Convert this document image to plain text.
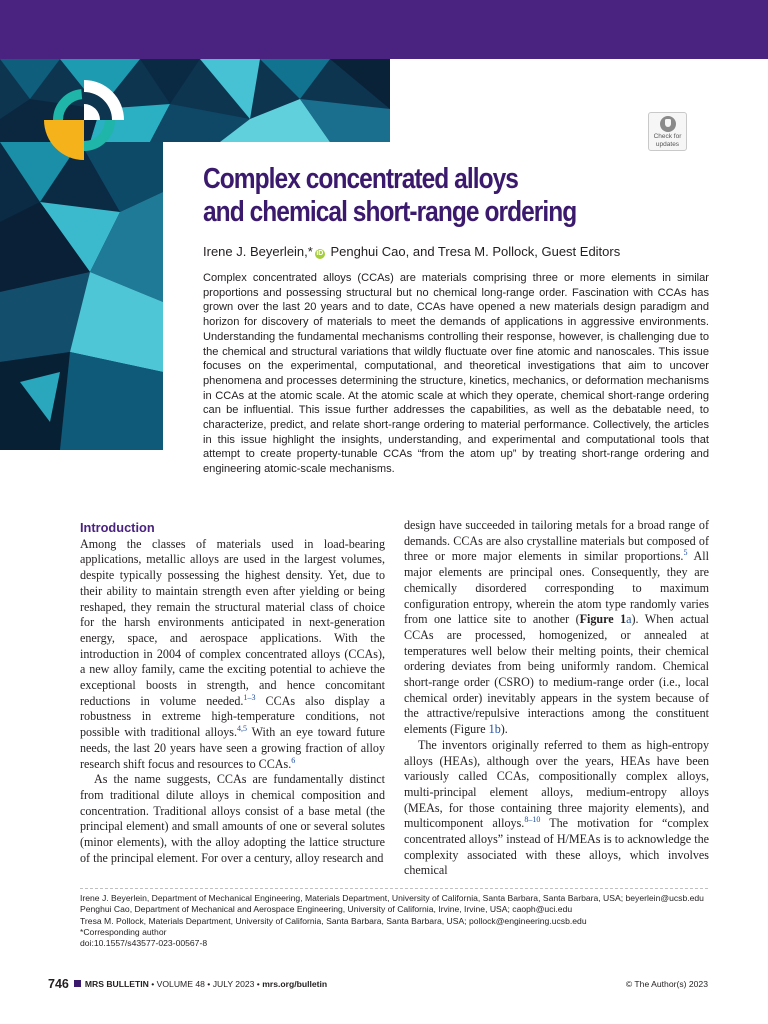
Check for
updates
Complex concentrated alloys
and chemical short-range ordering

Irene J. Beyerlein,* iD Penghui Cao, and Tresa M. Pollock, Guest Editors

Complex concentrated alloys (CCAs) are materials comprising three or more elements in similar proportions and possessing structural but no chemical long-range order. Fascination with CCAs has grown over the last 20 years and to date, CCAs have opened a new materials design paradigm and horizon for discovery of materials to meet the demands of applications in aggressive environments. Understanding the fundamental mechanisms controlling their response, however, is challenging due to the chemical and structural variations that wildly fluctuate over fine atomic and nanoscales. This issue focuses on the experimental, computational, and theoretical investigations that aim to uncover phenomena and processes determining the structure, kinetics, mechanics, or deformation mechanisms in CCAs at the atomic scale. At the atomic scale at which they operate, chemical short-range ordering can be influential. This issue further addresses the capabilities, as well as the debatable need, to characterize, predict, and relate short-range ordering to material performance. Collectively, the articles in this issue highlight the insights, understanding, and experimental and computational tools that attempt to create property-tunable CCAs “from the atom up” by treating short-range ordering and engineering atomic-scale mechanisms.

Introduction

Among the classes of materials used in load-bearing applications, metallic alloys are used in the largest volumes, despite typically possessing the highest density. Yet, due to their ability to maintain strength even after yielding or being reshaped, they remain the structural material class of choice for the harsh environments anticipated in next-generation energy, space, and aerospace applications. With the introduction in 2004 of complex concentrated alloys (CCAs), a new alloy family, came the exciting potential to achieve the exceptional boosts in strength, and hence concomitant reductions in volume needed.$^{1-3}$ CCAs also display a robustness in extreme high-temperature conditions, not possible with traditional alloys.$^{4,5}$ With an eye toward future needs, the last 20 years have seen a growing fraction of alloy research shift focus and resources to CCAs.$^6$

As the name suggests, CCAs are fundamentally distinct from traditional dilute alloys in chemical composition and concentration. Traditional alloys consist of a base metal (the principal element) and small amounts of one or several solutes (minor elements), with the alloy adopting the lattice structure of the principal element. For over a century, alloy research and

design have succeeded in tailoring metals for a broad range of demands. CCAs are also crystalline materials but composed of three or more major elements in similar proportions.$^5$ All major elements are principal ones. Consequently, they are chemically disordered corresponding to maximum configuration entropy, wherein the atom type randomly varies from one lattice site to another (Figure 1a). When actual CCAs are processed, homogenized, or annealed at temperatures well below their melting points, their chemical ordering deviates from being uniformly random. Chemical short-range order (CSRO) to medium-range order (i.e., local chemical order) inevitably appears in the system because of the attractive/repulsive interactions among the constituent elements (Figure 1b).

The inventors originally referred to them as high-entropy alloys (HEAs), although over the years, HEAs have been variously called CCAs, compositionally complex alloys, multi-principal element alloys, medium-entropy alloys (MEAs, for those containing three majority elements), and multicomponent alloys.$^{8-10}$ The motivation for “complex concentrated alloys” instead of H/MEAs is to acknowledge the complexity associated with these alloys, which involves chemical

Irene J. Beyerlein, Department of Mechanical Engineering, Materials Department, University of California, Santa Barbara, Santa Barbara, USA; beyerlein@ucsb.edu
Penghui Cao, Department of Mechanical and Aerospace Engineering, University of California, Irvine, Irvine, USA; caoph@uci.edu
Tresa M. Pollock, Materials Department, University of California, Santa Barbara, Santa Barbara, USA; pollock@engineering.ucsb.edu
*Corresponding author
doi:10.1557/s43577-023-00567-8
746 MRS BULLETIN • VOLUME 48 • JULY 2023 • mrs.org/bulletin	© The Author(s) 2023
